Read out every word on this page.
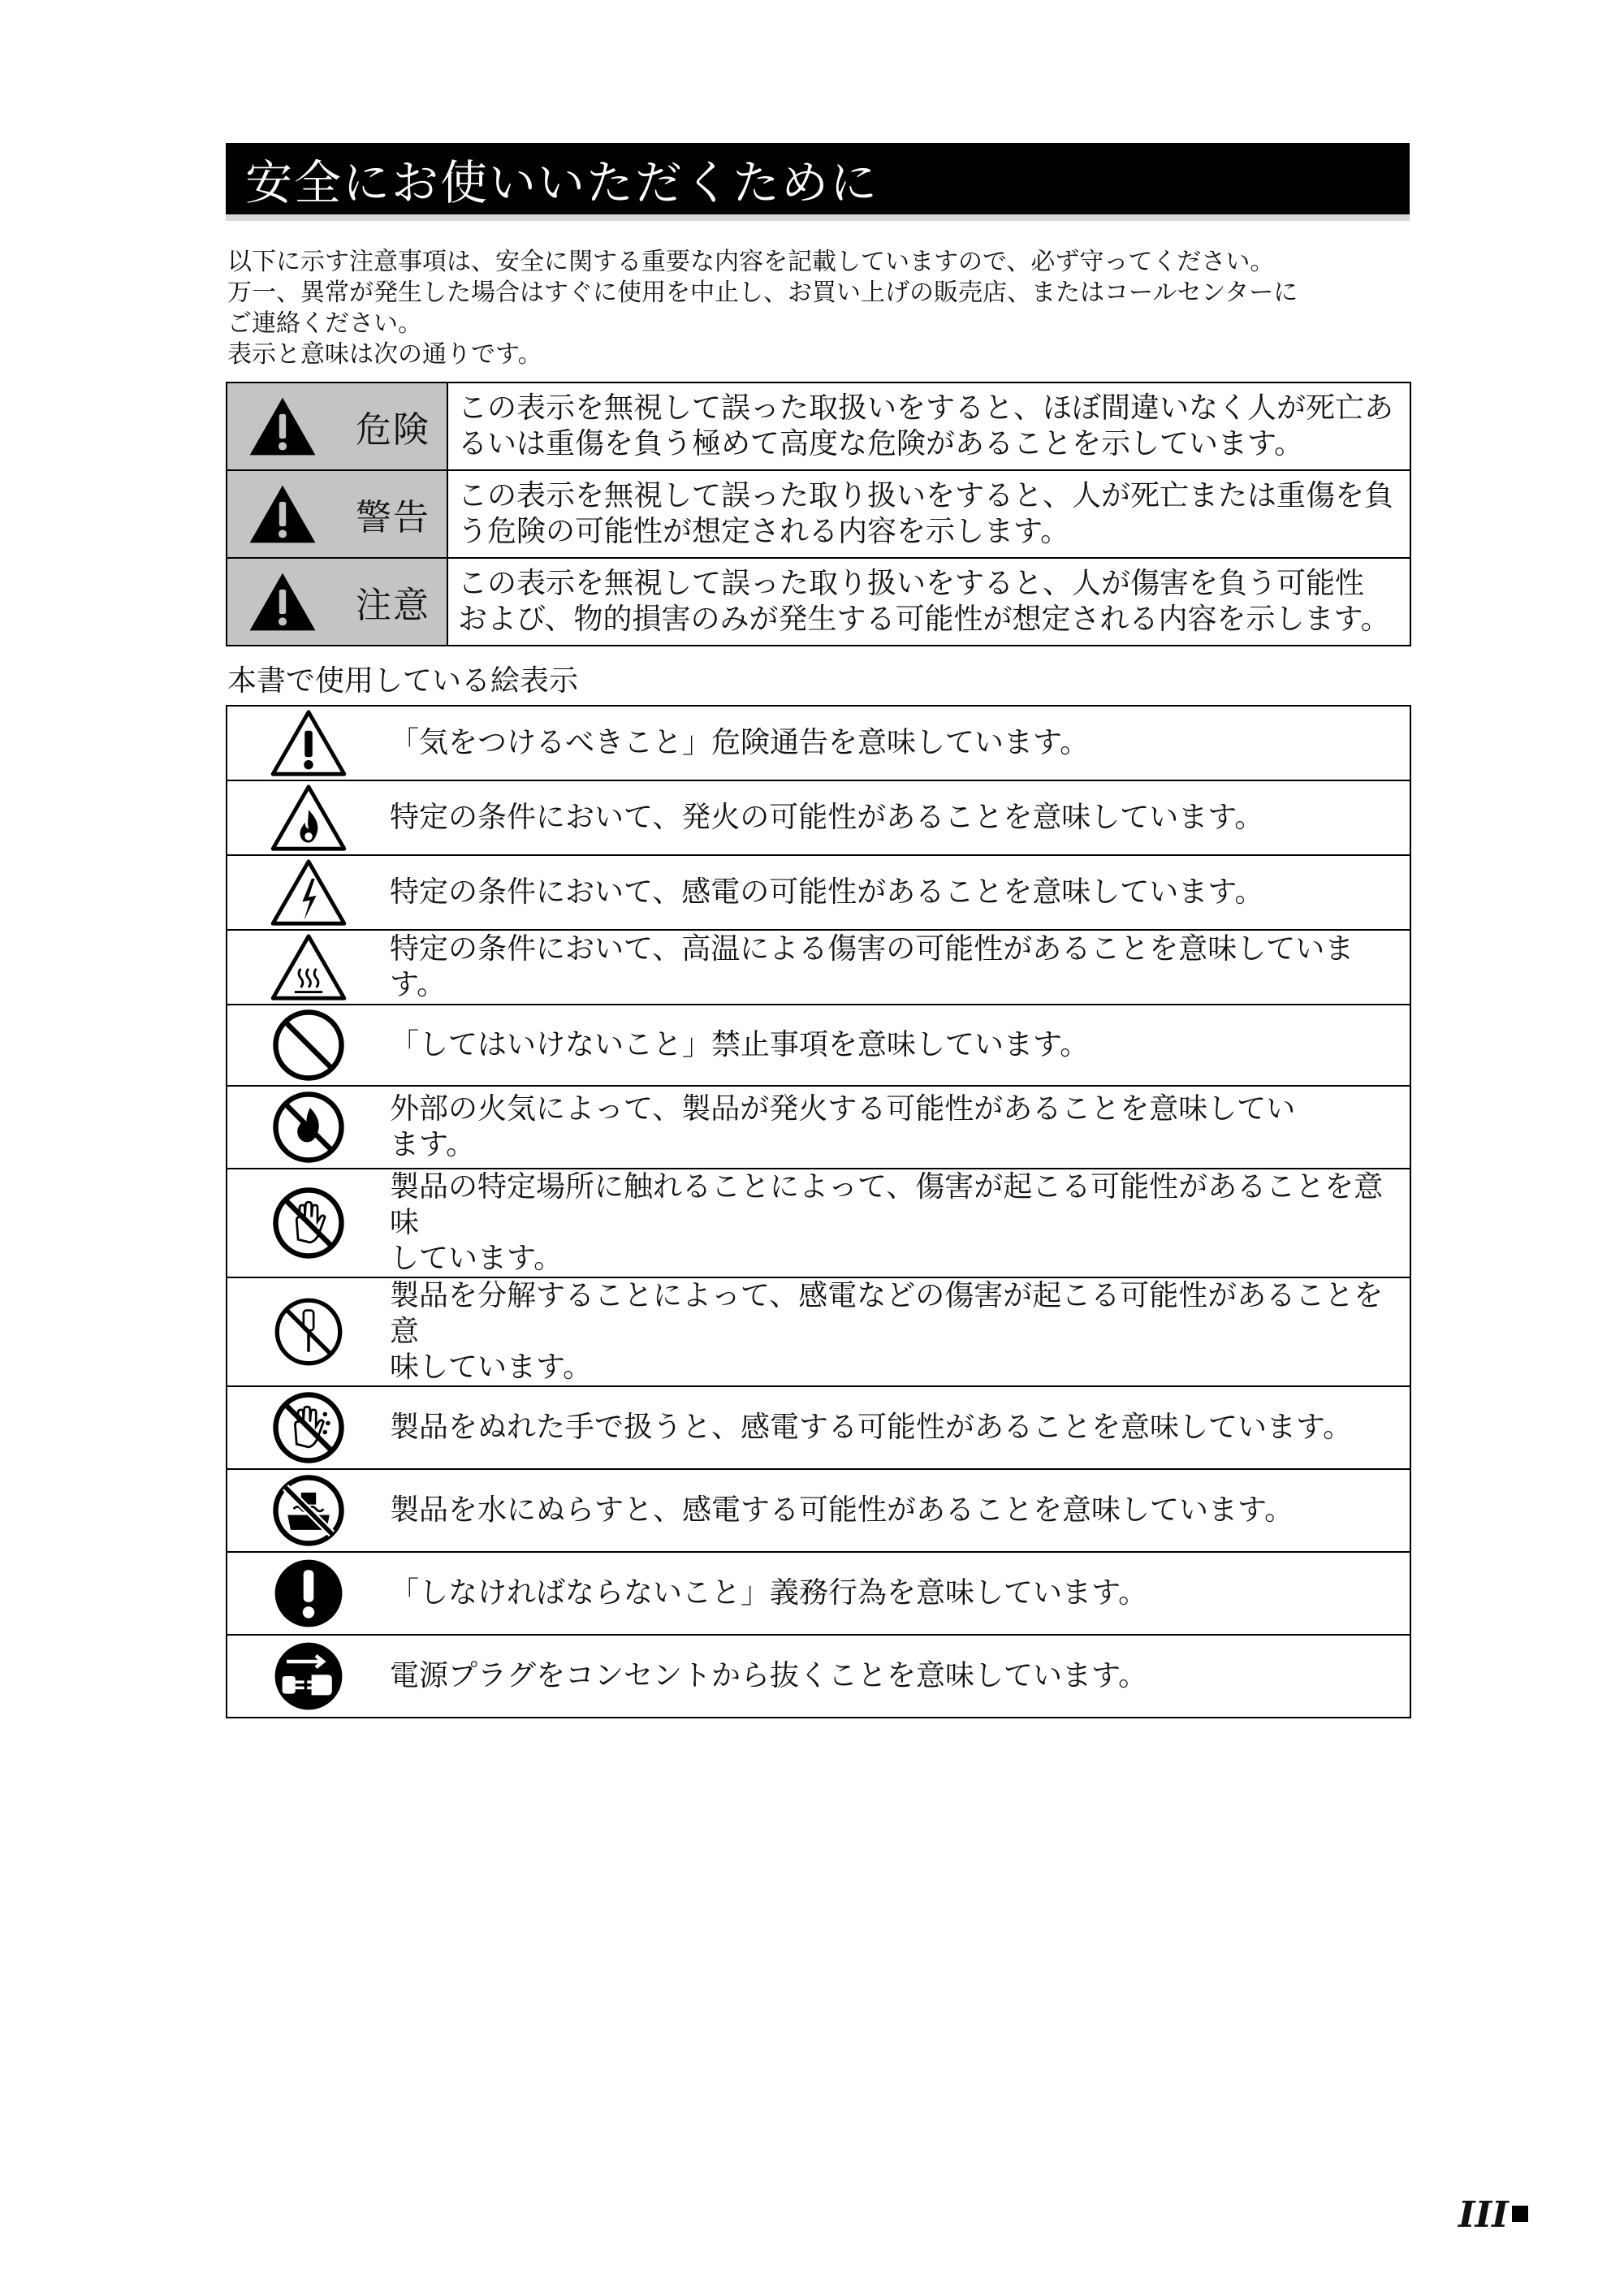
安全にお使いいただくために

以下に示す注意事項は、安全に関する重要な内容を記載していますので、必ず守ってください。

万一、異常が発生した場合はすぐに使用を中止し、お買い上げの販売店、またはコールセンターに

ご連絡ください。

表示と意味は次の通りです。

危険	この表示を無視して誤った取扱いをすると、ほぼ間違いなく人が死亡あ
るいは重傷を負う極めて高度な危険があることを示しています。

警告	この表示を無視して誤った取り扱いをすると、人が死亡または重傷を負
う危険の可能性が想定される内容を示します。

注意	この表示を無視して誤った取り扱いをすると、人が傷害を負う可能性
および、物的損害のみが発生する可能性が想定される内容を示します。
本書で使用している絵表示

「気をつけるべきこと」危険通告を意味しています。

特定の条件において、発火の可能性があることを意味しています。

特定の条件において、感電の可能性があることを意味しています。

特定の条件において、高温による傷害の可能性があることを意味しています。

「してはいけないこと」禁止事項を意味しています。

外部の火気によって、製品が発火する可能性があることを意味してい
ます。

製品の特定場所に触れることによって、傷害が起こる可能性があることを意味
しています。

製品を分解することによって、感電などの傷害が起こる可能性があることを意
味しています。

製品をぬれた手で扱うと、感電する可能性があることを意味しています。

製品を水にぬらすと、感電する可能性があることを意味しています。

「しなければならないこと」義務行為を意味しています。

電源プラグをコンセントから抜くことを意味しています。
III
